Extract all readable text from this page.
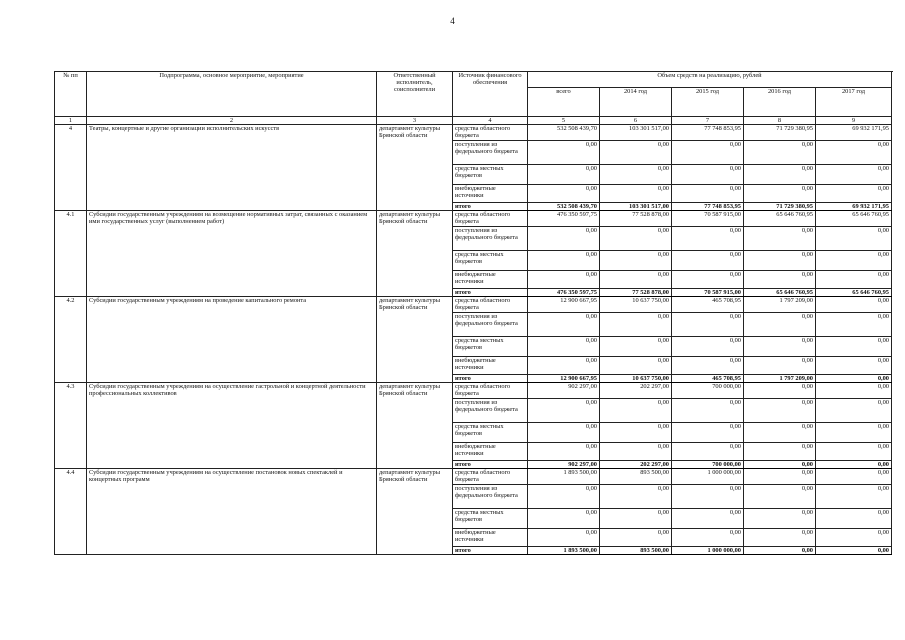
4
№ пп	Подпрограмма, основное мероприятие, мероприятие	Ответственный исполнитель, соисполнители	Источник финансового обеспечения	Объем средств на реализацию, рублей					
				всего	2014 год	2015 год	2016 год	2017 год	
1	2	3	4	5	6	7	8	9	
4	Театры, концертные и другие организации исполнительских искусств	департамент культуры Брянской области	средства областного бюджета	532 508 439,70	103 301 517,00	77 748 853,95	71 729 380,95	69 932 171,95	
			поступления из федерального бюджета	0,00	0,00	0,00	0,00	0,00	
			средства местных бюджетов	0,00	0,00	0,00	0,00	0,00	
			внебюджетные источники	0,00	0,00	0,00	0,00	0,00	
			итого	532 508 439,70	103 301 517,00	77 748 853,95	71 729 380,95	69 932 171,95	
4.1	Субсидии государственным учреждениям на возмещение нормативных затрат, связанных с оказанием ими государственных услуг (выполнением работ)	департамент культуры Брянской области	средства областного бюджета	476 350 597,75	77 528 878,00	70 587 915,00	65 646 760,95	65 646 760,95	
			поступления из федерального бюджета	0,00	0,00	0,00	0,00	0,00	
			средства местных бюджетов	0,00	0,00	0,00	0,00	0,00	
			внебюджетные источники	0,00	0,00	0,00	0,00	0,00	
			итого	476 350 597,75	77 528 878,00	70 587 915,00	65 646 760,95	65 646 760,95	
4.2	Субсидии государственным учреждениям на проведение капитального ремонта	департамент культуры Брянской области	средства областного бюджета	12 900 667,95	10 637 750,00	465 708,95	1 797 209,00	0,00	
			поступления из федерального бюджета	0,00	0,00	0,00	0,00	0,00	
			средства местных бюджетов	0,00	0,00	0,00	0,00	0,00	
			внебюджетные источники	0,00	0,00	0,00	0,00	0,00	
			итого	12 900 667,95	10 637 750,00	465 708,95	1 797 209,00	0,00	
4.3	Субсидии государственным учреждениям на осуществление гастрольной и концертной деятельности профессиональных коллективов	департамент культуры Брянской области	средства областного бюджета	902 297,00	202 297,00	700 000,00	0,00	0,00	
			поступления из федерального бюджета	0,00	0,00	0,00	0,00	0,00	
			средства местных бюджетов	0,00	0,00	0,00	0,00	0,00	
			внебюджетные источники	0,00	0,00	0,00	0,00	0,00	
			итого	902 297,00	202 297,00	700 000,00	0,00	0,00	
4.4	Субсидии государственным учреждениям на осуществление постановок новых спектаклей и концертных программ	департамент культуры Брянской области	средства областного бюджета	1 893 500,00	893 500,00	1 000 000,00	0,00	0,00	
			поступления из федерального бюджета	0,00	0,00	0,00	0,00	0,00	
			средства местных бюджетов	0,00	0,00	0,00	0,00	0,00	
			внебюджетные источники	0,00	0,00	0,00	0,00	0,00	
			итого	1 893 500,00	893 500,00	1 000 000,00	0,00	0,00	
